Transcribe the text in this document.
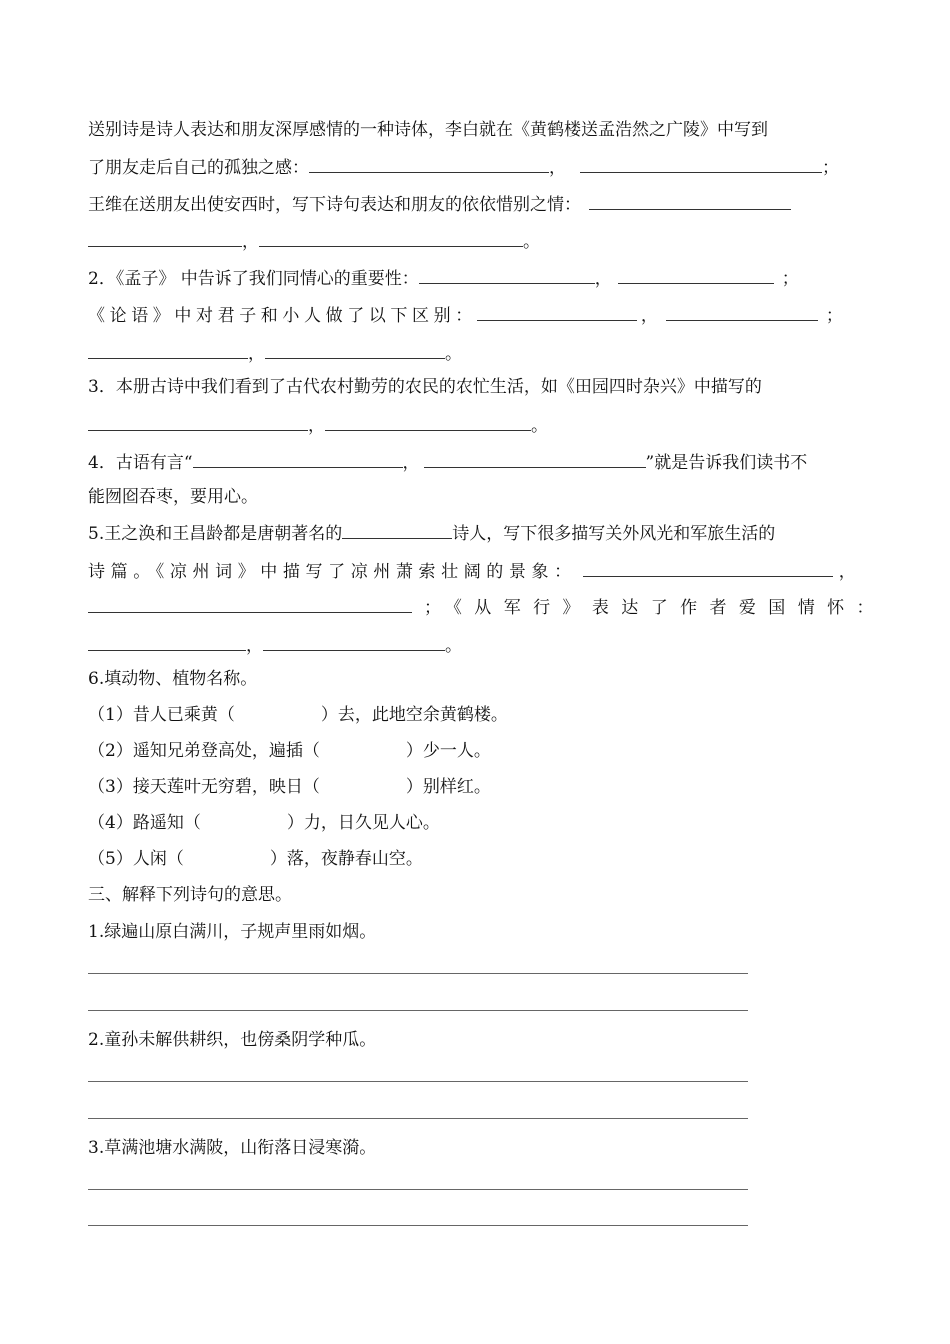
送别诗是诗人表达和朋友深厚感情的一种诗体，李白就在《黄鹤楼送孟浩然之广陵》中写到
了朋友走后自己的孤独之感：	，	；
王维在送朋友出使安西时，写下诗句表达和朋友的依依惜别之情：
，	。
2．《孟子》 中告诉了我们同情心的重要性：	，	；
《论语》中对君子和小人做了以下区别：	，	；
，	。
3．本册古诗中我们看到了古代农村勤劳的农民的农忙生活，如《田园四时杂兴》中描写的
，	。
4．古语有言“	，	”就是告诉我们读书不
能囫囵吞枣，要用心。
5.王之涣和王昌龄都是唐朝著名的	诗人，写下很多描写关外风光和军旅生活的
诗篇。《凉州词》中描写了凉州萧索壮阔的景象：	，
；《从军行》表达了作者爱国情怀：
，	。
6.填动物、植物名称。
（1）昔人已乘黄（	）去，此地空余黄鹤楼。
（2）遥知兄弟登高处，遍插（	）少一人。
（3）接天莲叶无穷碧，映日（	）别样红。
（4）路遥知（	）力，日久见人心。
（5）人闲（	）落，夜静春山空。
三、解释下列诗句的意思。
1.绿遍山原白满川，子规声里雨如烟。
2.童孙未解供耕织，也傍桑阴学种瓜。
3.草满池塘水满陂，山衔落日浸寒漪。
